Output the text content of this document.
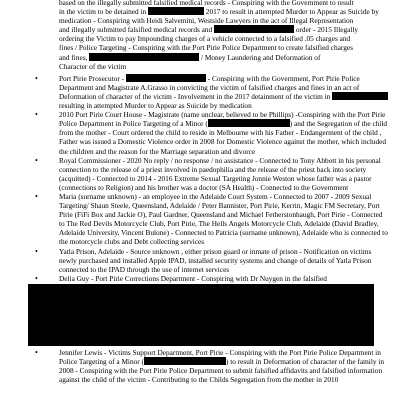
based on the illegally submitted falsified medical records - Conspiring with the Government to result
in the victim to be detained in	2017 to result in attempted Murder to Appear as Suicide by
medication - Conspiring with Heidi Salvemini, Westside Lawyers in the act of Illegal Representation
and illegally submitted falsified medical records and	order - 2015 Illegally
ordering the Victim to pay Impounding charges of a vehicle connected to a falsified .05 charges and
fines / Police Targeting - Conspiring with the Port Pirie Police Department to create falsified charges
and fines,	/ Money Laundering and Deformation of
Character of the victim
• Port Pirie Prosecutor -	- Conspiring with the Government, Port Pirie Police Department and Magistrate A.Grasso in convicting the victim of falsified charges and fines in an act of Deformation of character of the victim - Involvement in the 2017 detainment of the victim in  resulting in attempted Murder to Appear as Suicide by medication
• 2010 Port Pirie Court House - Magistrate (name unclear, believed to be Phillips) -Conspiring with the Port Pirie Police Department in Police Targeting of a Minor (	) and the Segregation of the child from the mother - Court ordered the child to reside in Melbourne with his Father - Endangerment of the child , Father was issued a Domestic Violence order in 2008 for Domestic Violence against the mother, which included the children and the reason for the Marriage separation and divorce
• Royal Commissioner - 2020 No reply / no response / no assistance - Connected to Tony Abbott in his personal connection to the release of a priest involved in paedophilia and the release of the priest back into society (acquitted) - Connected to 2014 - 2016 Extreme Sexual Targeting Jonnie Weston whose father was a pastor (connections to Religion) and his brother was a doctor (SA Health) - Connected to the Government
• Maria (surname unknown) - an employee in the Adelaide Court System - Connected to 2007 - 2009 Sexual Targeting/ Shaun Steele, Queensland, Adelaide / Peter Bannister, Port Pirie, Kerrin, Magic FM Secretary, Port Pirie (FiFi Box and Jackie O), Paul Gardner, Queensland and Michael Fetherstonhaugh, Port Pirie - Connected to The Red Devils Motorcycle Club, Port Pirie, The Hells Angels Motorcycle Club, Adelaide (David Bradley, Adelaide University, Vincent Bulone) - Connected to Patricia (surname unknown), Adelaide who is connected to the motorcycle clubs and Debt collecting services
• Yatla Prison, Adelaide - Source unknown , either prison guard or inmate of prison - Notification on victims newly purchased and installed Apple IPAD, installed security systems and change of details of Yatla Prison connected to the IPAD through the use of internet services
• Delia Guy - Port Pirie Corrections Department - Conspiring with Dr Nuygen in the falsified
• Jennifer Lewis - Victims Support Department, Port Pirie - Conspiring with the Port Pirie Police Department in Police Targeting of a Minor (	) to result in Deformation of character of the family in 2008 - Conspiring with the Port Pirie Police Department to submit falsified affidavits and falsified information against the child of the victim - Contributing to the Childs Segregation from the mother in 2010
